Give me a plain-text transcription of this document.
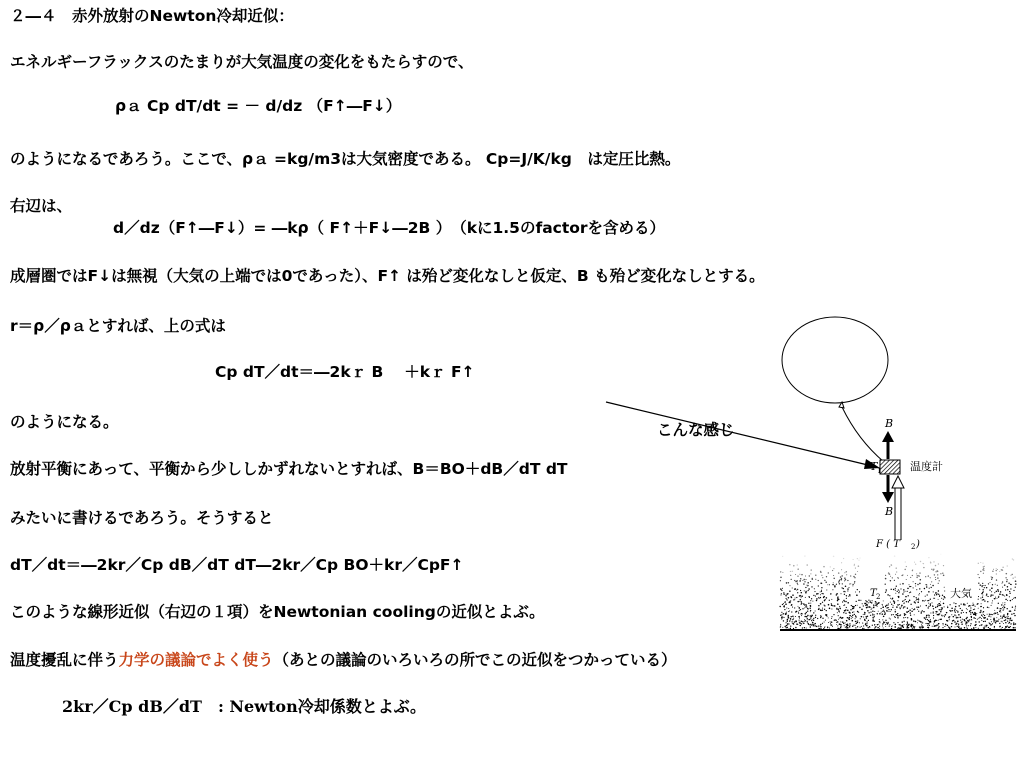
２―４　赤外放射のNewton冷却近似：
エネルギーフラックスのたまりが大気温度の変化をもたらすので、
ρａ Cp dT/dt = － d/dz （F↑―F↓）
のようになるであろう。ここで、ρａ =kg/m3は大気密度である。 Cp=J/K/kg　は定圧比熱。
右辺は、
d／dz（F↑―F↓）= ―kρ（ F↑＋F↓―2B ）　（kに1.5のfactorを含める）
成層圏ではF↓は無視（大気の上端では0であった）、F↑ は殆ど変化なしと仮定、B も殆ど変化なしとする。
r＝ρ／ρａとすれば、上の式は
Cp dT／dt＝―2kｒ B　 ＋kｒ F↑
のようになる。
放射平衡にあって、平衡から少ししかずれないとすれば、B＝BO＋dB／dT dT
みたいに書けるであろう。そうすると
dT／dt＝―2kr／Cp dB／dT dT―2kr／Cp BO＋kr／CpF↑
このような線形近似（右辺の１項）をNewtonian coolingの近似とよぶ。
温度擾乱に伴う力学の議論でよく使う（あとの議論のいろいろの所でこの近似をつかっている）
2kr／Cp dB／dT　: Newton冷却係数とよぶ。
こんな感じ	B
B
T 1	温度計
F ( T 2 )
T 2	大気
